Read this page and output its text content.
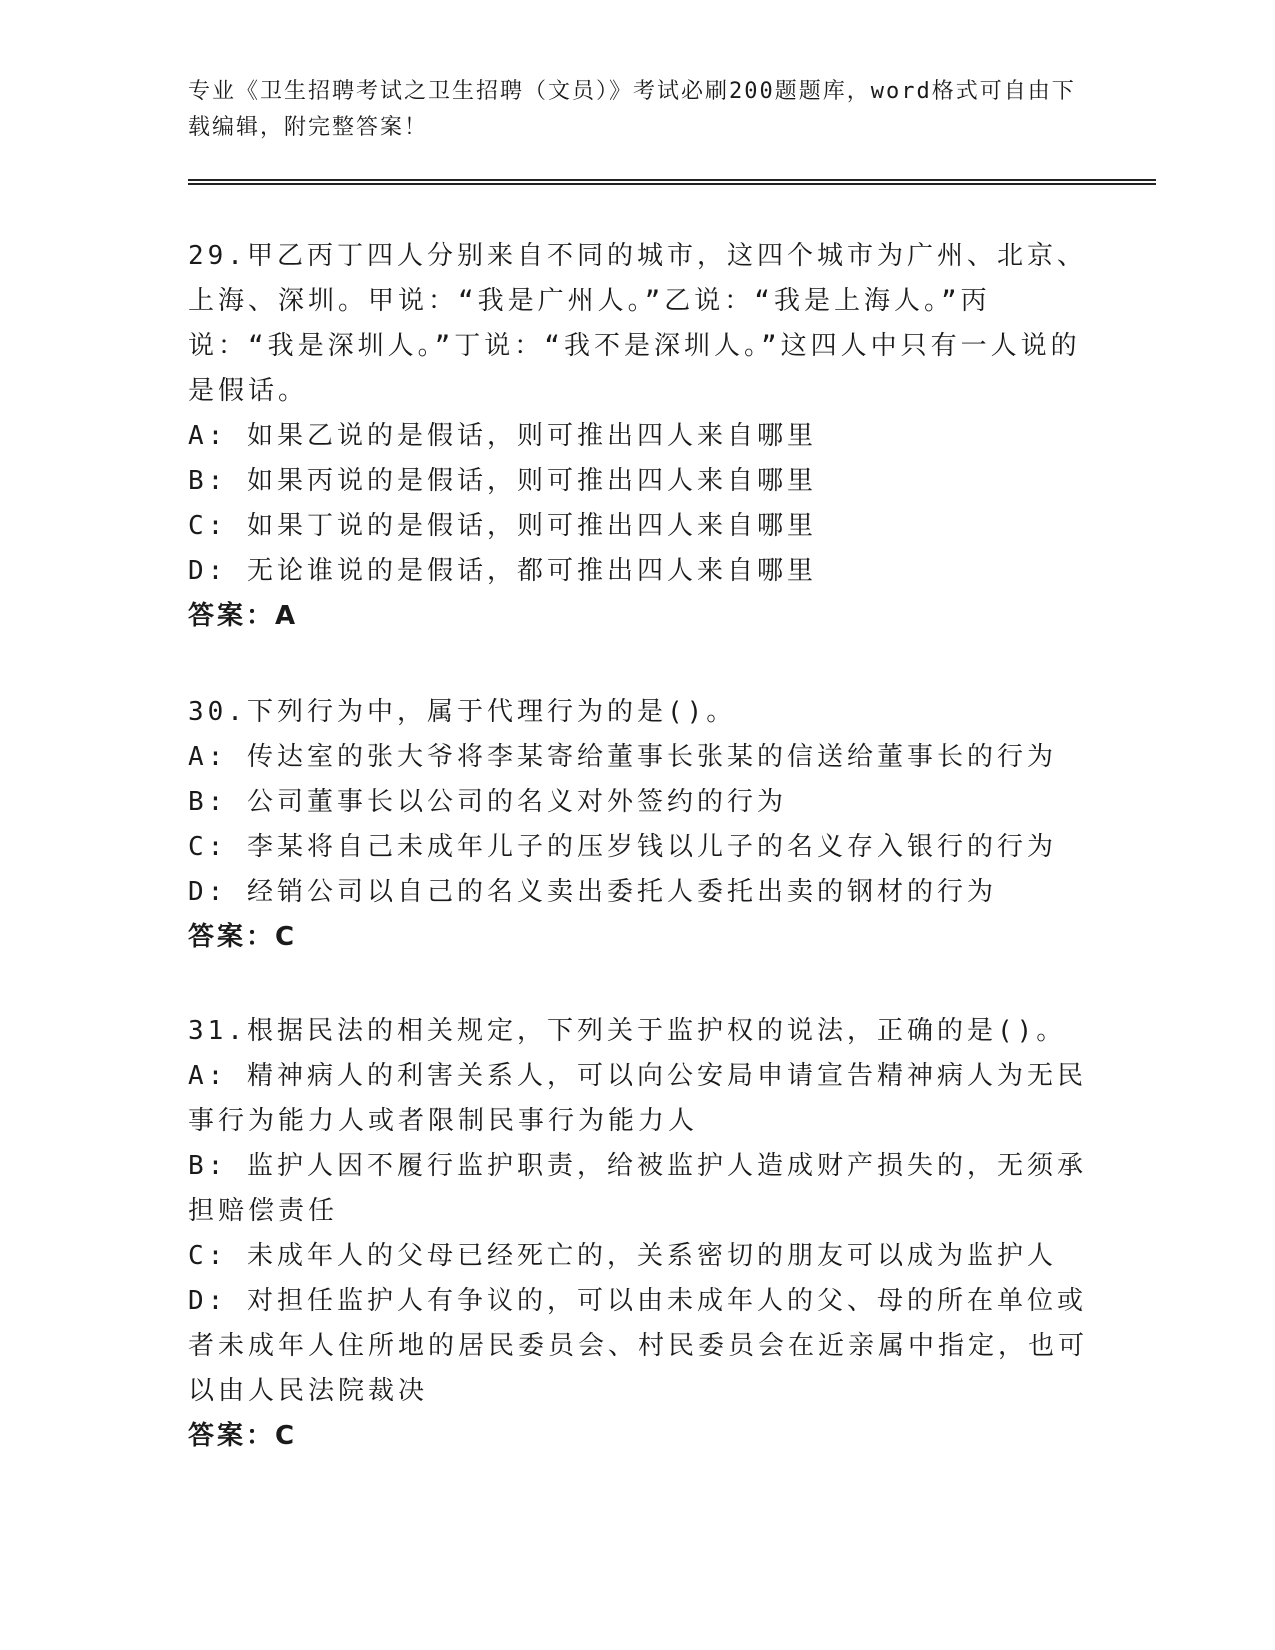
专业《卫生招聘考试之卫生招聘（文员）》考试必刷200题题库，word格式可自由下载编辑，附完整答案！

29.甲乙丙丁四人分别来自不同的城市，这四个城市为广州、北京、上海、深圳。甲说：“我是广州人。”乙说：“我是上海人。”丙说：“我是深圳人。”丁说：“我不是深圳人。”这四人中只有一人说的是假话。

A: 如果乙说的是假话，则可推出四人来自哪里

B: 如果丙说的是假话，则可推出四人来自哪里

C: 如果丁说的是假话，则可推出四人来自哪里

D: 无论谁说的是假话，都可推出四人来自哪里

答案：A

30.下列行为中，属于代理行为的是()。

A: 传达室的张大爷将李某寄给董事长张某的信送给董事长的行为

B: 公司董事长以公司的名义对外签约的行为

C: 李某将自己未成年儿子的压岁钱以儿子的名义存入银行的行为

D: 经销公司以自己的名义卖出委托人委托出卖的钢材的行为

答案：C

31.根据民法的相关规定，下列关于监护权的说法，正确的是()。

A: 精神病人的利害关系人，可以向公安局申请宣告精神病人为无民事行为能力人或者限制民事行为能力人

B: 监护人因不履行监护职责，给被监护人造成财产损失的，无须承担赔偿责任

C: 未成年人的父母已经死亡的，关系密切的朋友可以成为监护人

D: 对担任监护人有争议的，可以由未成年人的父、母的所在单位或者未成年人住所地的居民委员会、村民委员会在近亲属中指定，也可以由人民法院裁决

答案：C
